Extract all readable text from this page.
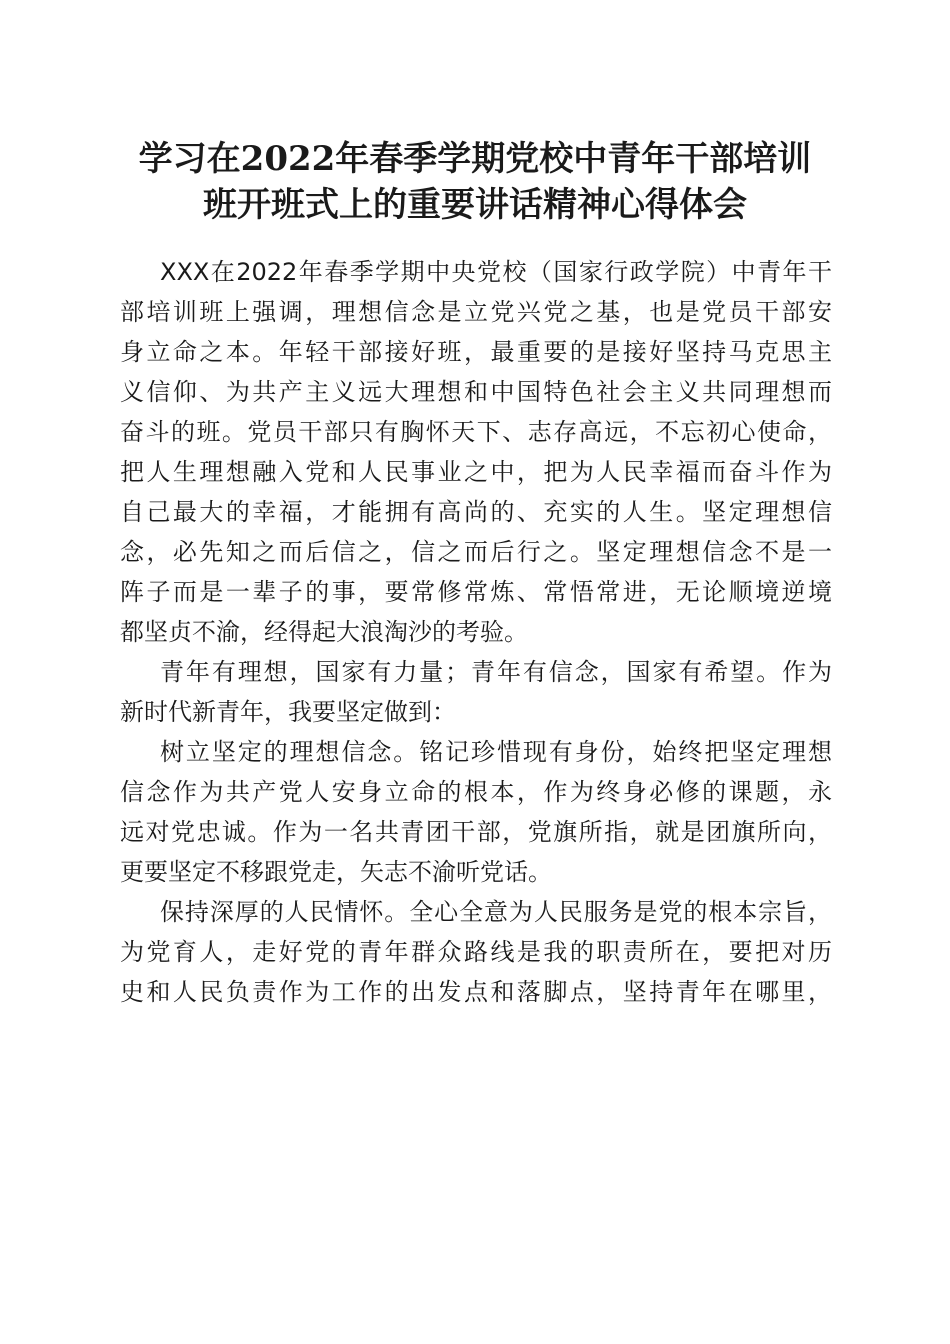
学习在2022年春季学期党校中青年干部培训
班开班式上的重要讲话精神心得体会
XXX在2022年春季学期中央党校（国家行政学院）中青年干
部培训班上强调，理想信念是立党兴党之基，也是党员干部安
身立命之本。年轻干部接好班，最重要的是接好坚持马克思主
义信仰、为共产主义远大理想和中国特色社会主义共同理想而
奋斗的班。党员干部只有胸怀天下、志存高远，不忘初心使命，
把人生理想融入党和人民事业之中，把为人民幸福而奋斗作为
自己最大的幸福，才能拥有高尚的、充实的人生。坚定理想信
念，必先知之而后信之，信之而后行之。坚定理想信念不是一
阵子而是一辈子的事，要常修常炼、常悟常进，无论顺境逆境
都坚贞不渝，经得起大浪淘沙的考验。
青年有理想，国家有力量；青年有信念，国家有希望。作为
新时代新青年，我要坚定做到：
树立坚定的理想信念。铭记珍惜现有身份，始终把坚定理想
信念作为共产党人安身立命的根本，作为终身必修的课题，永
远对党忠诚。作为一名共青团干部，党旗所指，就是团旗所向，
更要坚定不移跟党走，矢志不渝听党话。
保持深厚的人民情怀。全心全意为人民服务是党的根本宗旨，
为党育人，走好党的青年群众路线是我的职责所在，要把对历
史和人民负责作为工作的出发点和落脚点，坚持青年在哪里，
